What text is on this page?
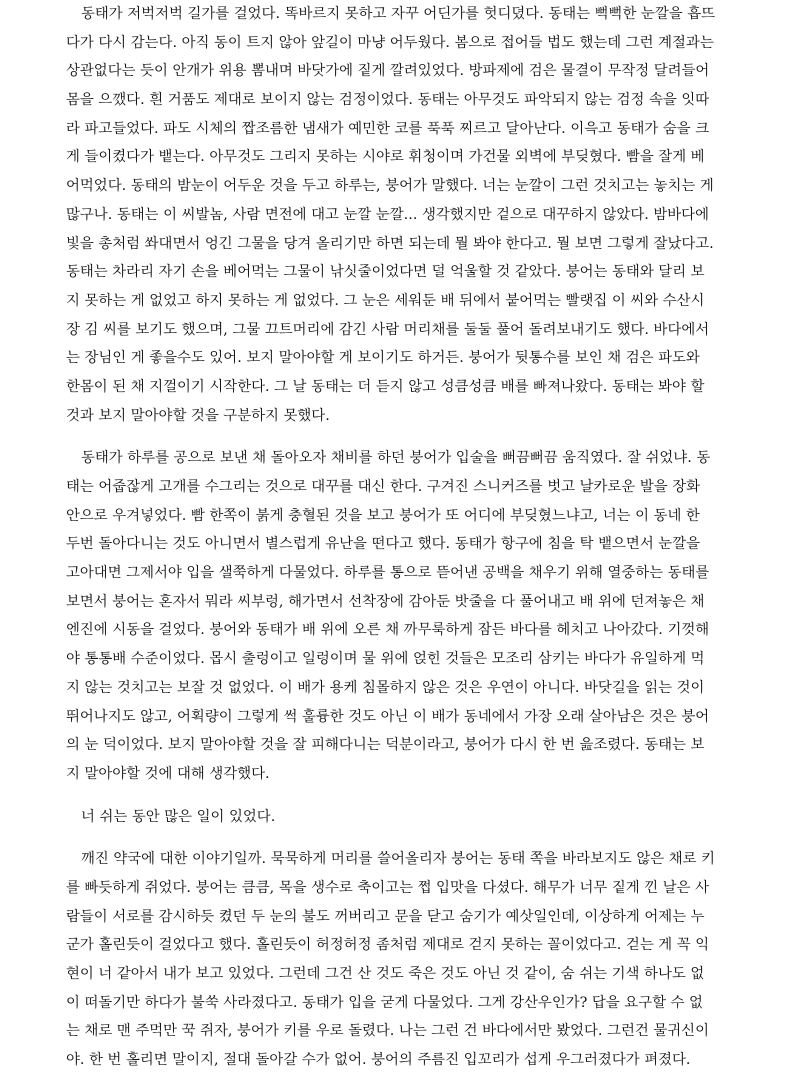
동태가 저벅저벅 길가를 걸었다. 똑바르지 못하고 자꾸 어딘가를 헛디뎠다. 동태는 뻑뻑한 눈깔을 흡뜨
다가 다시 감는다. 아직 동이 트지 않아 앞길이 마냥 어두웠다. 봄으로 접어들 법도 했는데 그런 계절과는
상관없다는 듯이 안개가 위용 뽐내며 바닷가에 짙게 깔려있었다. 방파제에 검은 물결이 무작정 달려들어
몸을 으깼다. 흰 거품도 제대로 보이지 않는 검정이었다. 동태는 아무것도 파악되지 않는 검정 속을 잇따
라 파고들었다. 파도 시체의 짭조름한 냄새가 예민한 코를 푹푹 찌르고 달아난다. 이윽고 동태가 숨을 크
게 들이켰다가 뱉는다. 아무것도 그리지 못하는 시야로 휘청이며 가건물 외벽에 부딪혔다. 빰을 잘게 베
어먹었다. 동태의 밤눈이 어두운 것을 두고 하루는, 붕어가 말했다. 너는 눈깔이 그런 것치고는 놓치는 게
많구나. 동태는 이 씨발놈, 사람 면전에 대고 눈깔 눈깔... 생각했지만 겉으로 대꾸하지 않았다. 밤바다에
빛을 총처럼 쏴대면서 엉긴 그물을 당겨 올리기만 하면 되는데 뭘 봐야 한다고. 뭘 보면 그렇게 잘났다고.
동태는 차라리 자기 손을 베어먹는 그물이 낚싯줄이었다면 덜 억울할 것 같았다. 붕어는 동태와 달리 보
지 못하는 게 없었고 하지 못하는 게 없었다. 그 눈은 세워둔 배 뒤에서 붙어먹는 빨랫집 이 씨와 수산시
장 김 씨를 보기도 했으며, 그물 끄트머리에 감긴 사람 머리채를 둘둘 풀어 돌려보내기도 했다. 바다에서
는 장님인 게 좋을수도 있어. 보지 말아야할 게 보이기도 하거든. 붕어가 뒷통수를 보인 채 검은 파도와
한몸이 된 채 지껄이기 시작한다. 그 날 동태는 더 듣지 않고 성큼성큼 배를 빠져나왔다. 동태는 봐야 할
것과 보지 말아야할 것을 구분하지 못했다.
동태가 하루를 공으로 보낸 채 돌아오자 채비를 하던 붕어가 입술을 뻐끔뻐끔 움직였다. 잘 쉬었냐. 동
태는 어줍잖게 고개를 수그리는 것으로 대꾸를 대신 한다. 구겨진 스니커즈를 벗고 날카로운 발을 장화
안으로 우겨넣었다. 빰 한쪽이 붉게 충혈된 것을 보고 붕어가 또 어디에 부딪혔느냐고, 너는 이 동네 한
두번 돌아다니는 것도 아니면서 별스럽게 유난을 떤다고 했다. 동태가 항구에 침을 탁 뱉으면서 눈깔을
고아대면 그제서야 입을 샐쭉하게 다물었다. 하루를 통으로 뜯어낸 공백을 채우기 위해 열중하는 동태를
보면서 붕어는 혼자서 뭐라 씨부렁, 해가면서 선착장에 감아둔 밧줄을 다 풀어내고 배 위에 던져놓은 채
엔진에 시동을 걸었다. 붕어와 동태가 배 위에 오른 채 까무룩하게 잠든 바다를 헤치고 나아갔다. 기껏해
야 통통배 수준이었다. 몹시 출렁이고 일렁이며 물 위에 얹힌 것들은 모조리 삼키는 바다가 유일하게 먹
지 않는 것치고는 보잘 것 없었다. 이 배가 용케 침몰하지 않은 것은 우연이 아니다. 바닷길을 읽는 것이
뛰어나지도 않고, 어획량이 그렇게 썩 훌륭한 것도 아닌 이 배가 동네에서 가장 오래 살아남은 것은 붕어
의 눈 덕이었다. 보지 말아야할 것을 잘 피해다니는 덕분이라고, 붕어가 다시 한 번 읊조렸다. 동태는 보
지 말아야할 것에 대해 생각했다.
너 쉬는 동안 많은 일이 있었다.
깨진 약국에 대한 이야기일까. 묵묵하게 머리를 쓸어올리자 붕어는 동태 쪽을 바라보지도 않은 채로 키
를 빠듯하게 쥐었다. 붕어는 큼큼, 목을 생수로 축이고는 쩝 입맛을 다셨다. 해무가 너무 짙게 낀 날은 사
람들이 서로를 감시하듯 켰던 두 눈의 불도 꺼버리고 문을 닫고 숨기가 예삿일인데, 이상하게 어제는 누
군가 홀린듯이 걸었다고 했다. 홀린듯이 허정허정 좀처럼 제대로 걷지 못하는 꼴이었다고. 걷는 게 꼭 익
현이 너 같아서 내가 보고 있었다. 그런데 그건 산 것도 죽은 것도 아닌 것 같이, 숨 쉬는 기색 하나도 없
이 떠돌기만 하다가 불쑥 사라졌다고. 동태가 입을 굳게 다물었다. 그게 강산우인가? 답을 요구할 수 없
는 채로 맨 주먹만 꾹 쥐자, 붕어가 키를 우로 돌렸다. 나는 그런 건 바다에서만 봤었다. 그런건 물귀신이
야. 한 번 홀리면 말이지, 절대 돌아갈 수가 없어. 붕어의 주름진 입꼬리가 섭게 우그러졌다가 펴졌다.
